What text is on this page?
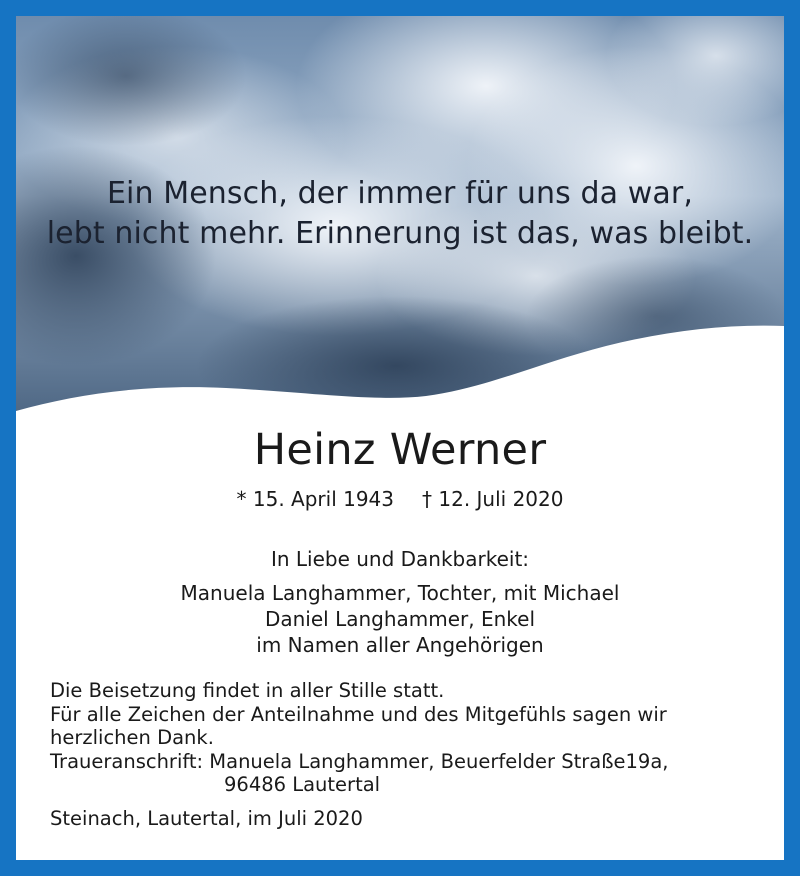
Ein Mensch, der immer für uns da war,
lebt nicht mehr. Erinnerung ist das, was bleibt.
Heinz Werner
* 15. April 1943 † 12. Juli 2020
In Liebe und Dankbarkeit:
Manuela Langhammer, Tochter, mit Michael
Daniel Langhammer, Enkel
im Namen aller Angehörigen
Die Beisetzung findet in aller Stille statt.
Für alle Zeichen der Anteilnahme und des Mitgefühls sagen wir
herzlichen Dank.
Traueranschrift: Manuela Langhammer, Beuerfelder Straße19a,
96486 Lautertal
Steinach, Lautertal, im Juli 2020
